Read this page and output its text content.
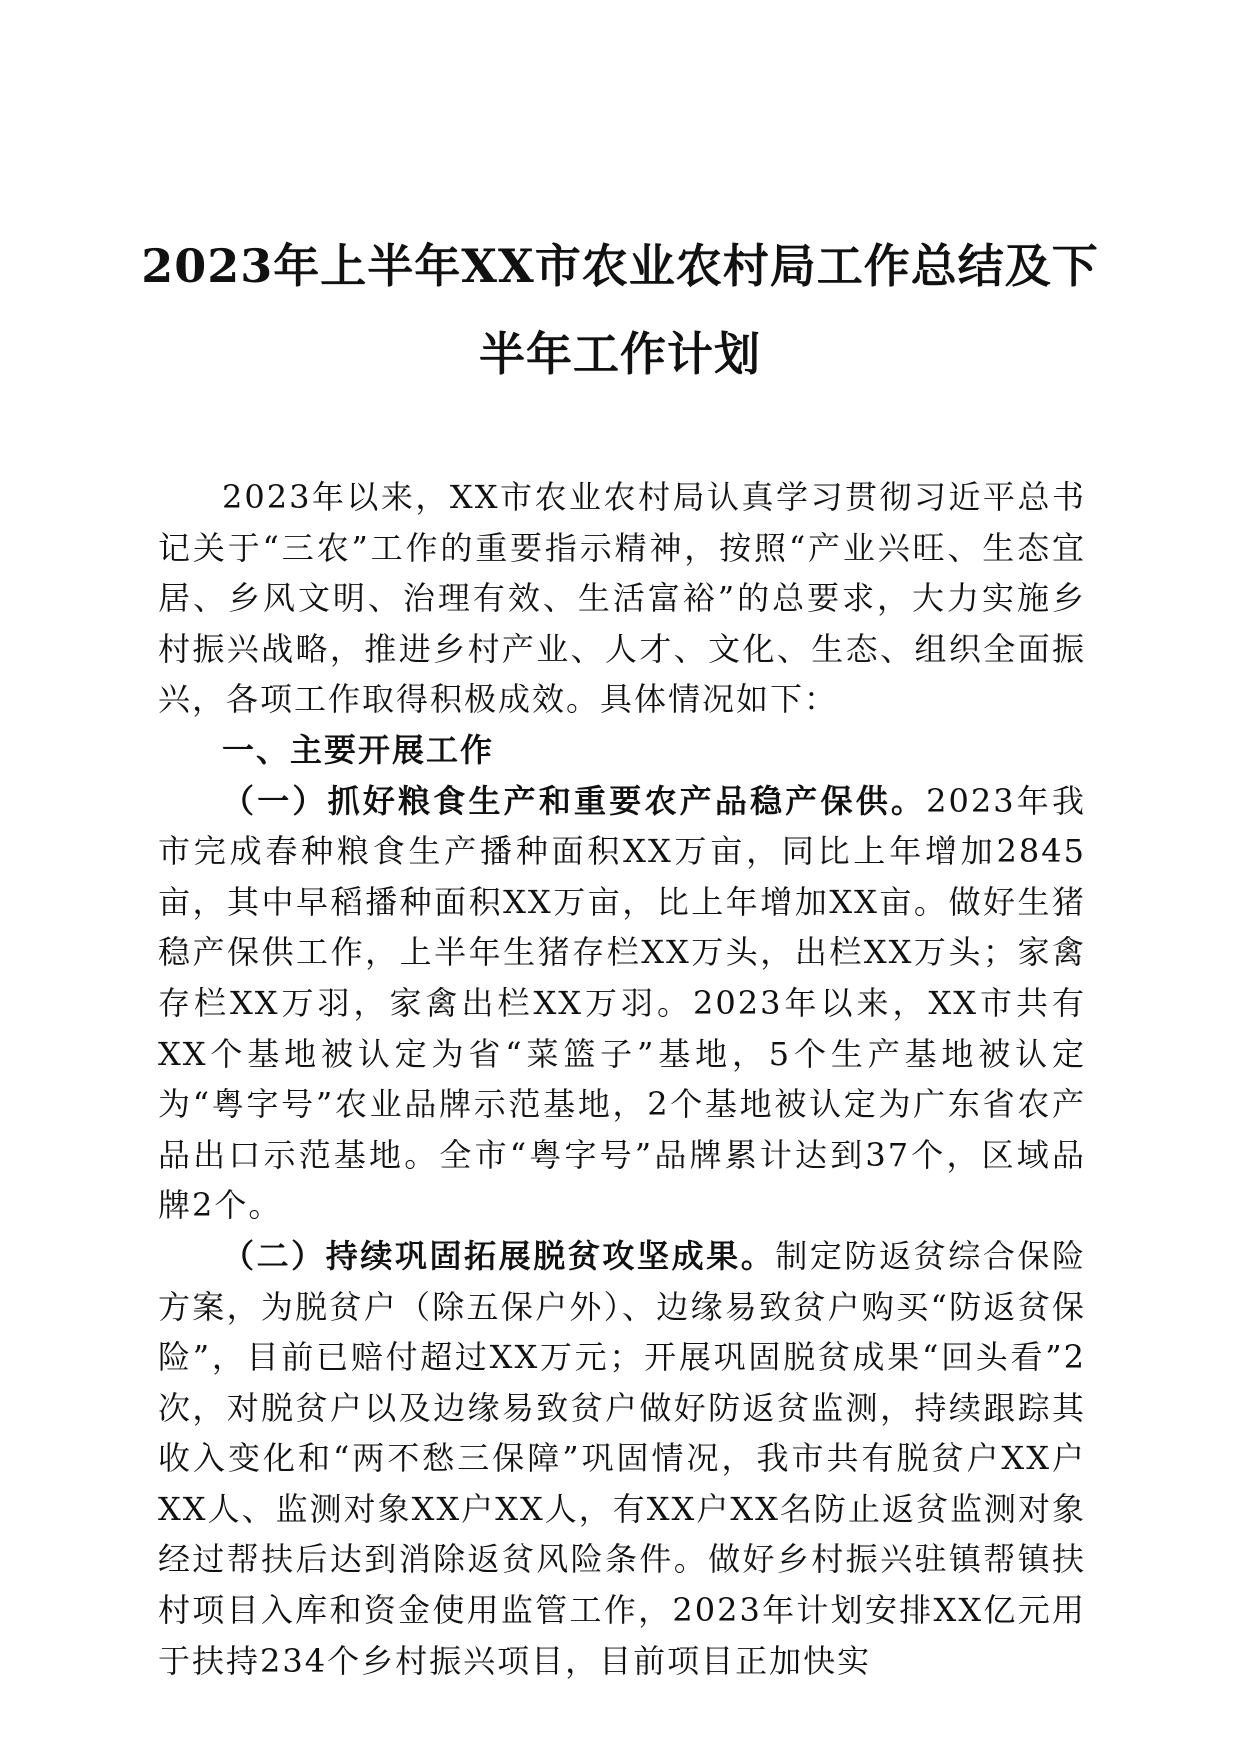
2023年上半年XX市农业农村局工作总结及下
半年工作计划

2023年以来，XX市农业农村局认真学习贯彻习近平总书记关于“三农”工作的重要指示精神，按照“产业兴旺、生态宜居、乡风文明、治理有效、生活富裕”的总要求，大力实施乡村振兴战略，推进乡村产业、人才、文化、生态、组织全面振兴，各项工作取得积极成效。具体情况如下：

一、主要开展工作

（一）抓好粮食生产和重要农产品稳产保供。2023年我市完成春种粮食生产播种面积XX万亩，同比上年增加2845亩，其中早稻播种面积XX万亩，比上年增加XX亩。做好生猪稳产保供工作，上半年生猪存栏XX万头，出栏XX万头；家禽存栏XX万羽，家禽出栏XX万羽。2023年以来，XX市共有XX个基地被认定为省“菜篮子”基地，5个生产基地被认定为“粤字号”农业品牌示范基地，2个基地被认定为广东省农产品出口示范基地。全市“粤字号”品牌累计达到37个，区域品牌2个。

（二）持续巩固拓展脱贫攻坚成果。制定防返贫综合保险方案，为脱贫户（除五保户外）、边缘易致贫户购买“防返贫保险”，目前已赔付超过XX万元；开展巩固脱贫成果“回头看”2次，对脱贫户以及边缘易致贫户做好防返贫监测，持续跟踪其收入变化和“两不愁三保障”巩固情况，我市共有脱贫户XX户XX人、监测对象XX户XX人，有XX户XX名防止返贫监测对象经过帮扶后达到消除返贫风险条件。做好乡村振兴驻镇帮镇扶村项目入库和资金使用监管工作，2023年计划安排XX亿元用于扶持234个乡村振兴项目，目前项目正加快实
